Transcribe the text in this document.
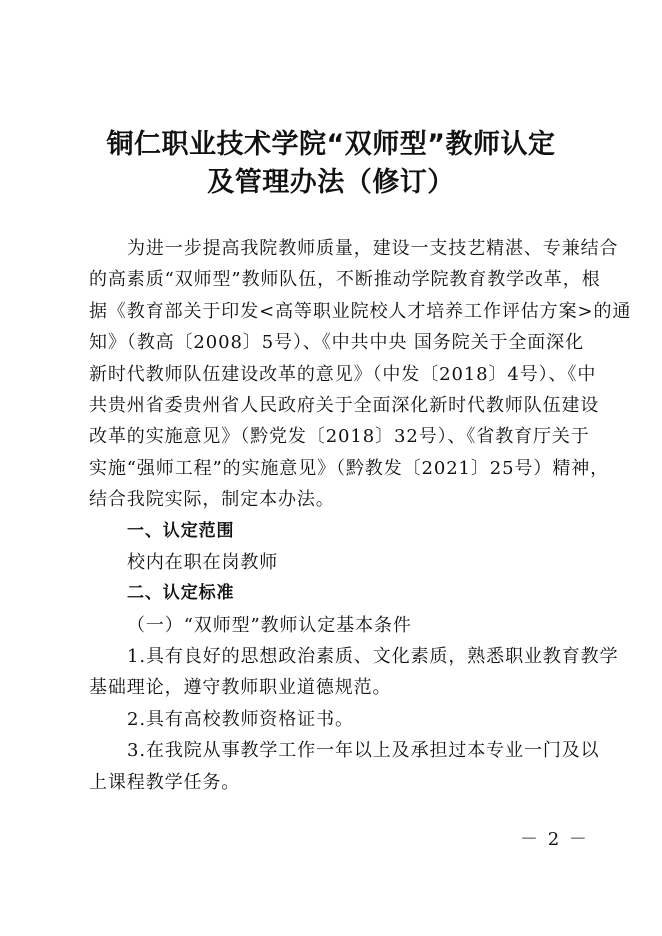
铜仁职业技术学院“双师型”教师认定
及管理办法（修订）
为进一步提高我院教师质量，建设一支技艺精湛、专兼结合
的高素质“双师型”教师队伍，不断推动学院教育教学改革，根
据《教育部关于印发<高等职业院校人才培养工作评估方案>的通
知》（教高〔2008〕5号）、《中共中央 国务院关于全面深化
新时代教师队伍建设改革的意见》（中发〔2018〕4号）、《中
共贵州省委贵州省人民政府关于全面深化新时代教师队伍建设
改革的实施意见》（黔党发〔2018〕32号）、《省教育厅关于
实施“强师工程”的实施意见》（黔教发〔2021〕25号）精神，
结合我院实际，制定本办法。
一、认定范围
校内在职在岗教师
二、认定标准
（一）“双师型”教师认定基本条件
1.具有良好的思想政治素质、文化素质，熟悉职业教育教学
基础理论，遵守教师职业道德规范。
2.具有高校教师资格证书。
3.在我院从事教学工作一年以上及承担过本专业一门及以
上课程教学任务。
－ 2 －
